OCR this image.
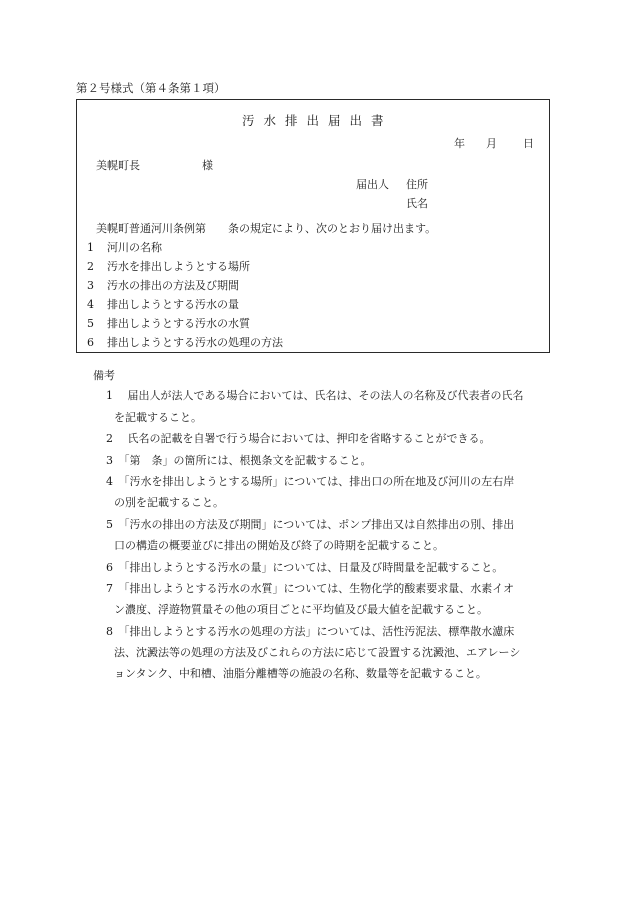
第２号様式（第４条第１項）
汚水排出届出書
年 月 日
美幌町長	様
届出人 住所
氏名
美幌町普通河川条例第　　条の規定により、次のとおり届け出ます。
1 河川の名称
2 汚水を排出しようとする場所
3 汚水の排出の方法及び期間
4 排出しようとする汚水の量
5 排出しようとする汚水の水質
6 排出しようとする汚水の処理の方法
備考
1　 届出人が法人である場合においては、氏名は、その法人の名称及び代表者の氏名
を記載すること。
2　 氏名の記載を自署で行う場合においては、押印を省略することができる。
3　「第　条」の箇所には、根拠条文を記載すること。
4　「汚水を排出しようとする場所」については、排出口の所在地及び河川の左右岸
の別を記載すること。
5　「汚水の排出の方法及び期間」については、ポンプ排出又は自然排出の別、排出
口の構造の概要並びに排出の開始及び終了の時期を記載すること。
6　「排出しようとする汚水の量」については、日量及び時間量を記載すること。
7　「排出しようとする汚水の水質」については、生物化学的酸素要求量、水素イオ
ン濃度、浮遊物質量その他の項目ごとに平均値及び最大値を記載すること。
8　「排出しようとする汚水の処理の方法」については、活性汚泥法、標準散水濾床
法、沈澱法等の処理の方法及びこれらの方法に応じて設置する沈澱池、エアレーシ
ョンタンク、中和槽、油脂分離槽等の施設の名称、数量等を記載すること。
